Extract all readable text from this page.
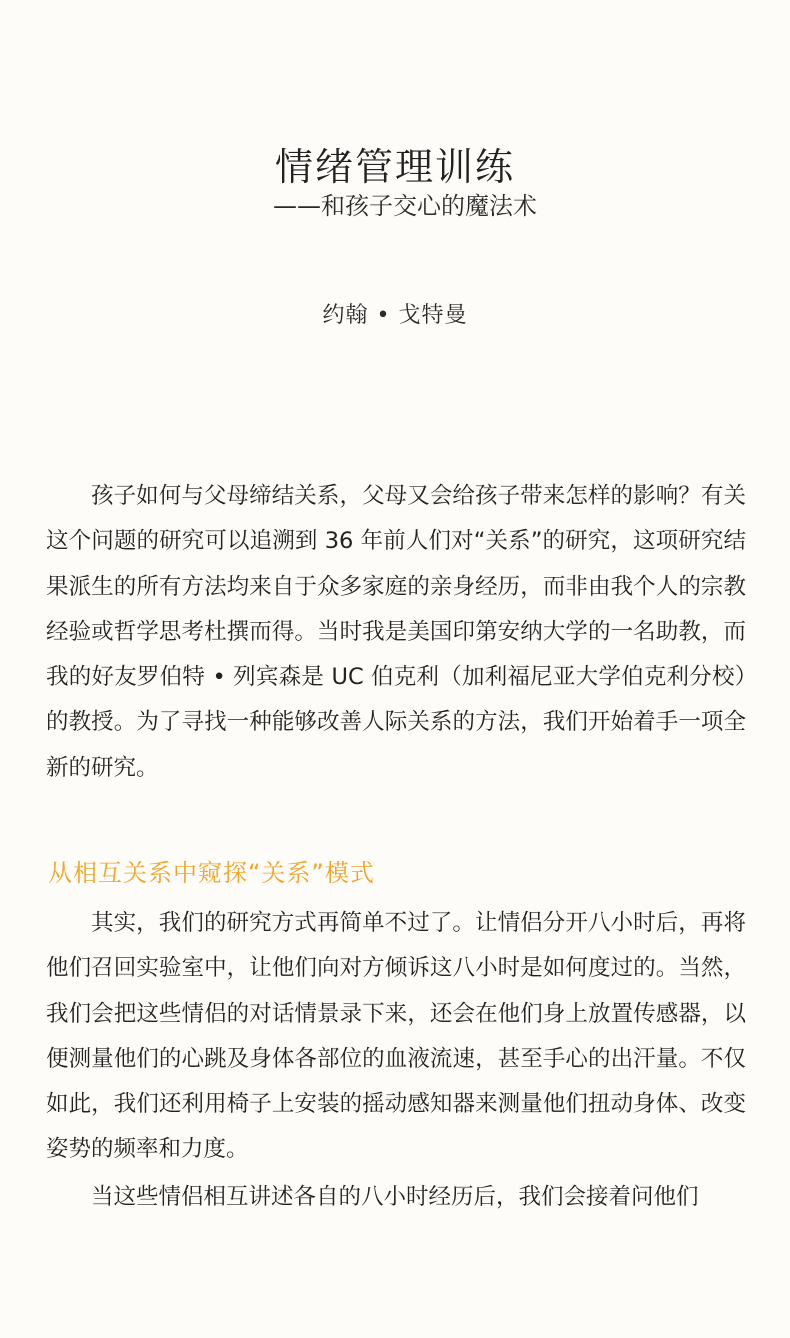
情绪管理训练
——和孩子交心的魔法术
约翰 • 戈特曼

孩子如何与父母缔结关系，父母又会给孩子带来怎样的影响？有关这个问题的研究可以追溯到 36 年前人们对“关系”的研究，这项研究结果派生的所有方法均来自于众多家庭的亲身经历，而非由我个人的宗教经验或哲学思考杜撰而得。当时我是美国印第安纳大学的一名助教，而我的好友罗伯特 • 列宾森是 UC 伯克利（加利福尼亚大学伯克利分校）的教授。为了寻找一种能够改善人际关系的方法，我们开始着手一项全新的研究。

从相互关系中窥探“关系”模式

其实，我们的研究方式再简单不过了。让情侣分开八小时后，再将他们召回实验室中，让他们向对方倾诉这八小时是如何度过的。当然，我们会把这些情侣的对话情景录下来，还会在他们身上放置传感器，以便测量他们的心跳及身体各部位的血液流速，甚至手心的出汗量。不仅如此，我们还利用椅子上安装的摇动感知器来测量他们扭动身体、改变姿势的频率和力度。

当这些情侣相互讲述各自的八小时经历后，我们会接着问他们
